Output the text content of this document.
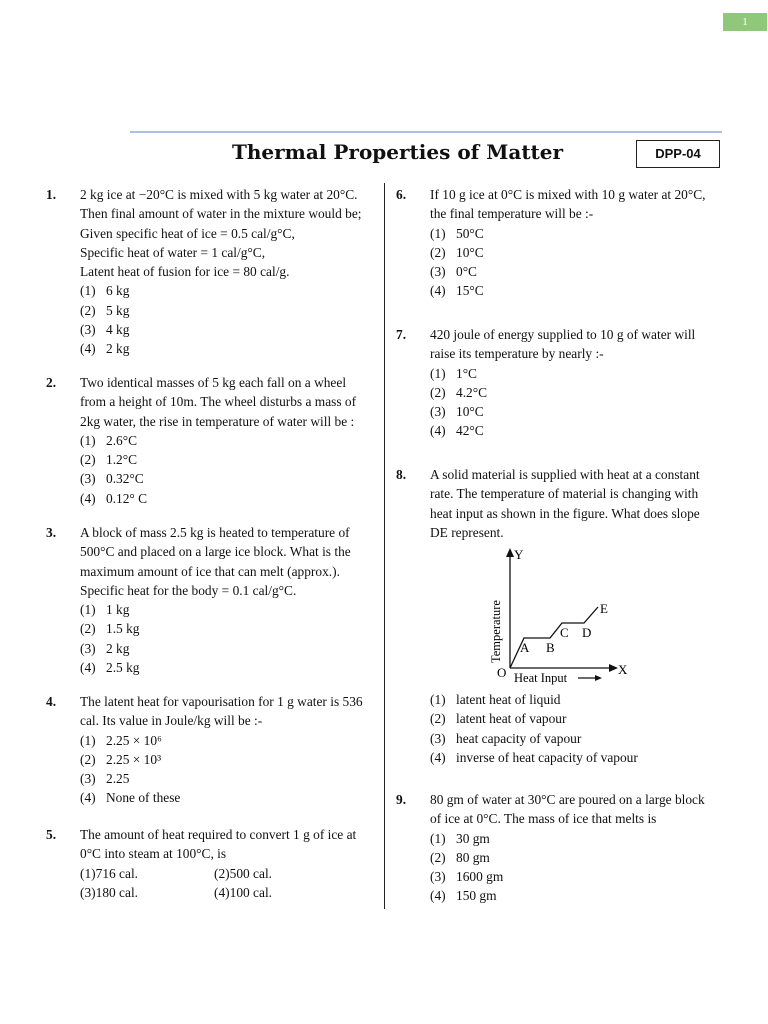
1
Thermal Properties of Matter	DPP-04
1. 2 kg ice at −20°C is mixed with 5 kg water at 20°C.
Then final amount of water in the mixture would be;
Given specific heat of ice = 0.5 cal/g°C,
Specific heat of water = 1 cal/g°C,
Latent heat of fusion for ice = 80 cal/g.
(1) 6 kg
(2) 5 kg
(3) 4 kg
(4) 2 kg
2. Two identical masses of 5 kg each fall on a wheel
from a height of 10m. The wheel disturbs a mass of
2kg water, the rise in temperature of water will be :
(1) 2.6°C
(2) 1.2°C
(3) 0.32°C
(4) 0.12° C
3. A block of mass 2.5 kg is heated to temperature of
500°C and placed on a large ice block. What is the
maximum amount of ice that can melt (approx.).
Specific heat for the body = 0.1 cal/g°C.
(1) 1 kg
(2) 1.5 kg
(3) 2 kg
(4) 2.5 kg
4. The latent heat for vapourisation for 1 g water is 536
cal. Its value in Joule/kg will be :-
(1) 2.25 × 10⁶
(2) 2.25 × 10³
(3) 2.25
(4) None of these
5. The amount of heat required to convert 1 g of ice at
0°C into steam at 100°C, is
(1) 716 cal.	(2) 500 cal.
(3) 180 cal.	(4) 100 cal.
6. If 10 g ice at 0°C is mixed with 10 g water at 20°C,
the final temperature will be :-
(1) 50°C
(2) 10°C
(3) 0°C
(4) 15°C
7. 420 joule of energy supplied to 10 g of water will
raise its temperature by nearly :-
(1) 1°C
(2) 4.2°C
(3) 10°C
(4) 42°C
8. A solid material is supplied with heat at a constant
rate. The temperature of material is changing with
heat input as shown in the figure. What does slope
DE represent.
(1) latent heat of liquid
(2) latent heat of vapour
(3) heat capacity of vapour
(4) inverse of heat capacity of vapour
Y
X
O
A B
C D
E
Temperature
Heat Input
9. 80 gm of water at 30°C are poured on a large block
of ice at 0°C. The mass of ice that melts is
(1) 30 gm
(2) 80 gm
(3) 1600 gm
(4) 150 gm
